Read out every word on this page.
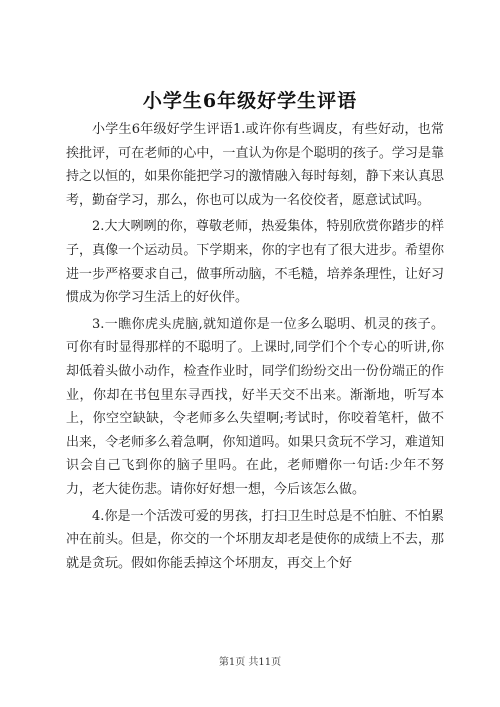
小学生6年级好学生评语

小学生6年级好学生评语1.或许你有些调皮，有些好动，也常挨批评，可在老师的心中，一直认为你是个聪明的孩子。学习是靠持之以恒的，如果你能把学习的激情融入每时每刻，静下来认真思考，勤奋学习，那么，你也可以成为一名佼佼者，愿意试试吗。

2.大大咧咧的你，尊敬老师，热爱集体，特别欣赏你踏步的样子，真像一个运动员。下学期来，你的字也有了很大进步。希望你进一步严格要求自己，做事所动脑，不毛糙，培养条理性，让好习惯成为你学习生活上的好伙伴。

3.一瞧你虎头虎脑,就知道你是一位多么聪明、机灵的孩子。可你有时显得那样的不聪明了。上课时,同学们个个专心的听讲,你却低着头做小动作，检查作业时，同学们纷纷交出一份份端正的作业，你却在书包里东寻西找，好半天交不出来。渐渐地，听写本上，你空空缺缺，令老师多么失望啊;考试时，你咬着笔杆，做不出来，令老师多么着急啊，你知道吗。如果只贪玩不学习，难道知识会自己飞到你的脑子里吗。在此，老师赠你一句话:少年不努力，老大徒伤悲。请你好好想一想，今后该怎么做。

4.你是一个活泼可爱的男孩，打扫卫生时总是不怕脏、不怕累冲在前头。但是，你交的一个坏朋友却老是使你的成绩上不去，那就是贪玩。假如你能丢掉这个坏朋友，再交上个好

第1页 共11页
